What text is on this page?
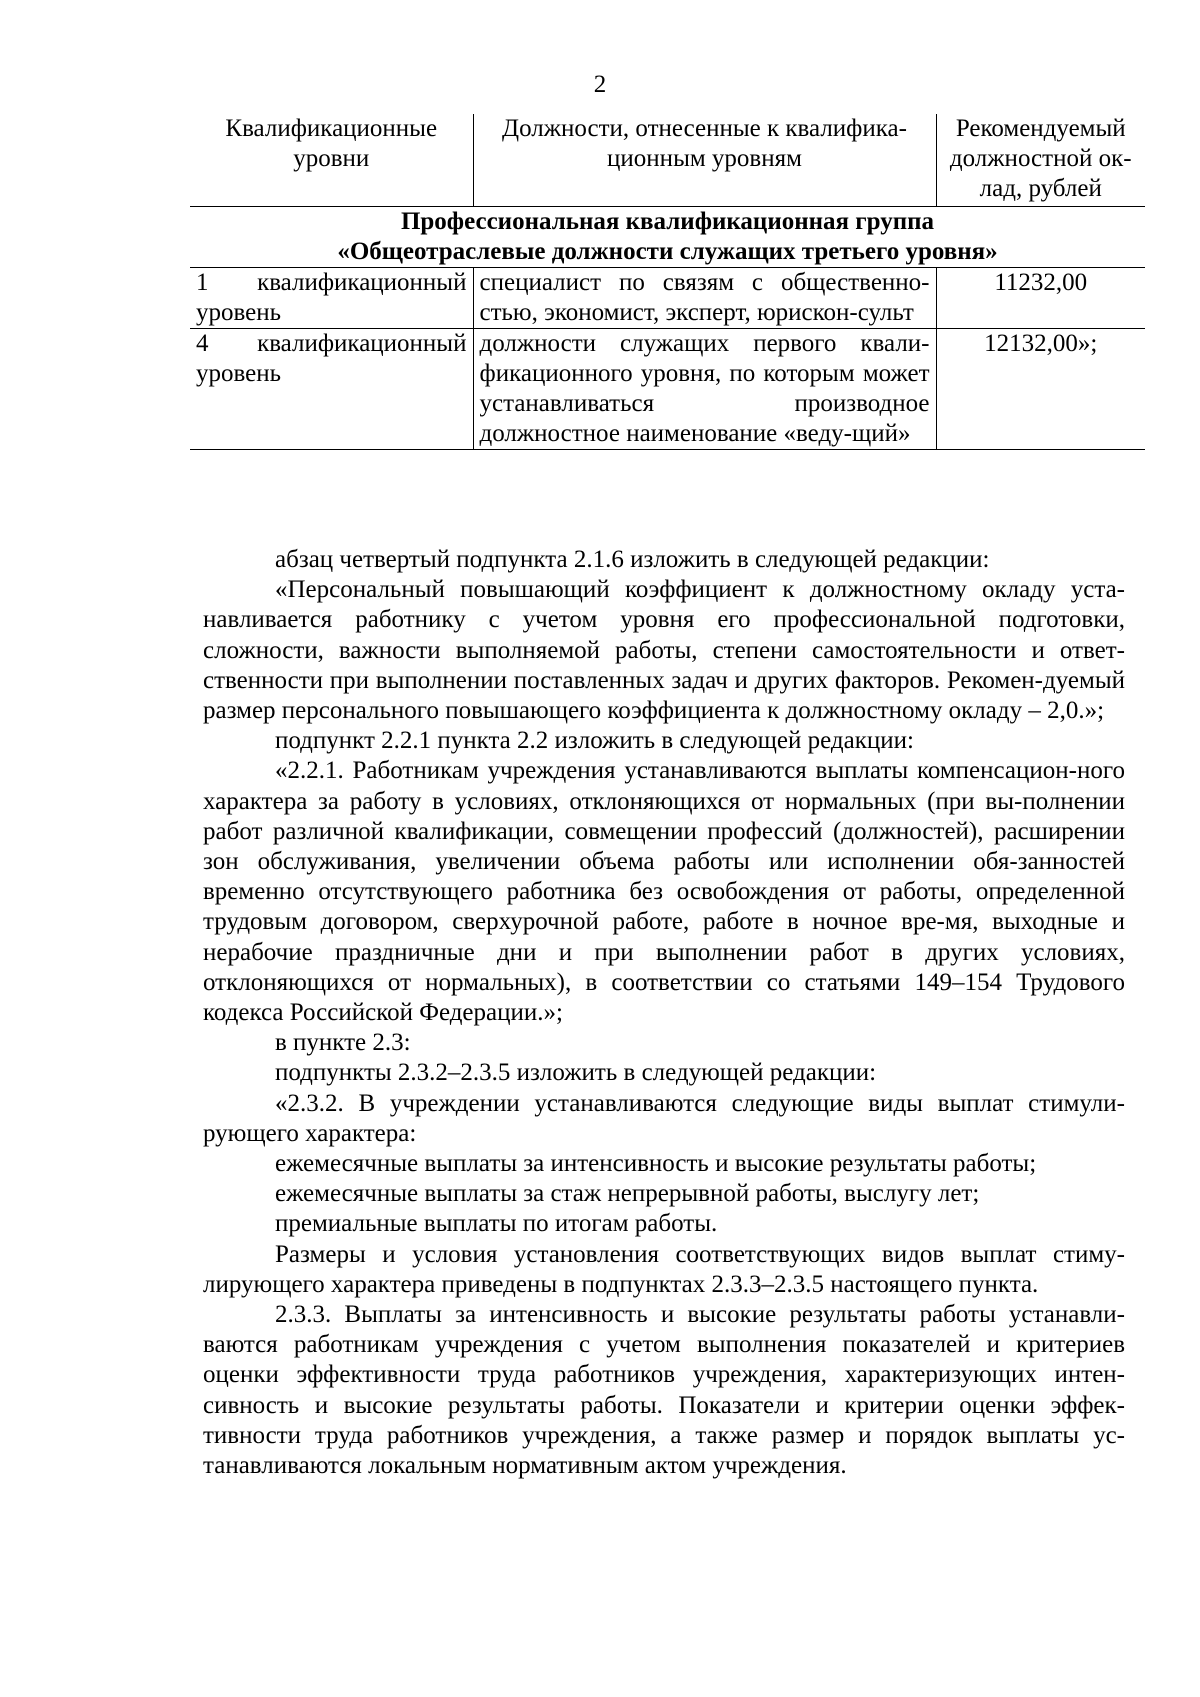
2
Квалификационные уровни	Должности, отнесенные к квалифика-ционным уровням	Рекомендуемый должностной ок-лад, рублей

Профессиональная квалификационная группа
«Общеотраслевые должности служащих третьего уровня»		

1 квалификационный уровень	специалист по связям с общественно-стью, экономист, эксперт, юрискон-сульт	11232,00
4 квалификационный уровень	должности служащих первого квали-фикационного уровня, по которым может устанавливаться производное должностное наименование «веду-щий»	12132,00»;

абзац четвертый подпункта 2.1.6 изложить в следующей редакции:

«Персональный повышающий коэффициент к должностному окладу уста-навливается работнику с учетом уровня его профессиональной подготовки, сложности, важности выполняемой работы, степени самостоятельности и ответ-ственности при выполнении поставленных задач и других факторов. Рекомен-дуемый размер персонального повышающего коэффициента к должностному окладу – 2,0.»;

подпункт 2.2.1 пункта 2.2 изложить в следующей редакции:

«2.2.1. Работникам учреждения устанавливаются выплаты компенсацион-ного характера за работу в условиях, отклоняющихся от нормальных (при вы-полнении работ различной квалификации, совмещении профессий (должностей), расширении зон обслуживания, увеличении объема работы или исполнении обя-занностей временно отсутствующего работника без освобождения от работы, определенной трудовым договором, сверхурочной работе, работе в ночное вре-мя, выходные и нерабочие праздничные дни и при выполнении работ в других условиях, отклоняющихся от нормальных), в соответствии со статьями 149–154 Трудового кодекса Российской Федерации.»;

в пункте 2.3:

подпункты 2.3.2–2.3.5 изложить в следующей редакции:

«2.3.2. В учреждении устанавливаются следующие виды выплат стимули-рующего характера:

ежемесячные выплаты за интенсивность и высокие результаты работы;

ежемесячные выплаты за стаж непрерывной работы, выслугу лет;

премиальные выплаты по итогам работы.

Размеры и условия установления соответствующих видов выплат стиму-лирующего характера приведены в подпунктах 2.3.3–2.3.5 настоящего пункта.

2.3.3. Выплаты за интенсивность и высокие результаты работы устанавли-ваются работникам учреждения с учетом выполнения показателей и критериев оценки эффективности труда работников учреждения, характеризующих интен-сивность и высокие результаты работы. Показатели и критерии оценки эффек-тивности труда работников учреждения, а также размер и порядок выплаты ус-танавливаются локальным нормативным актом учреждения.
